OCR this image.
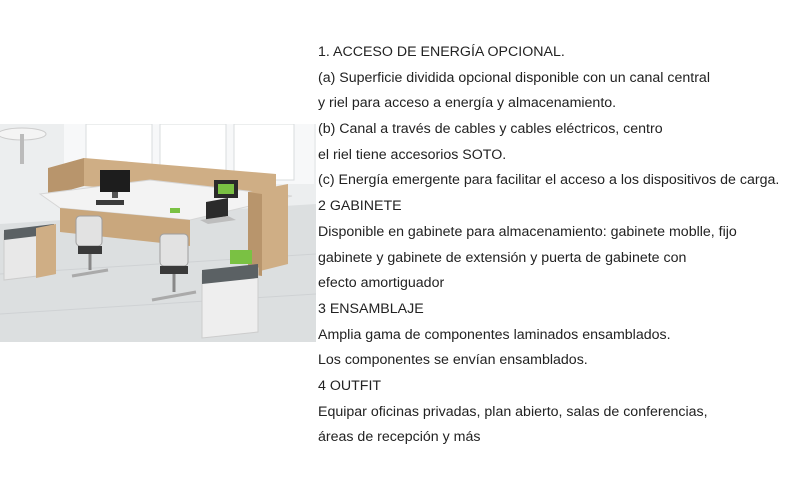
1. ACCESO DE ENERGÍA OPCIONAL.
(a) Superficie dividida opcional disponible con un canal central
y riel para acceso a energía y almacenamiento.
(b) Canal a través de cables y cables eléctricos, centro
el riel tiene accesorios SOTO.
(c) Energía emergente para facilitar el acceso a los dispositivos de carga.
2 GABINETE
Disponible en gabinete para almacenamiento: gabinete moblle, fijo
gabinete y gabinete de extensión y puerta de gabinete con
efecto amortiguador
3 ENSAMBLAJE
Amplia gama de componentes laminados ensamblados.
Los componentes se envían ensamblados.
4 OUTFIT
Equipar oficinas privadas, plan abierto, salas de conferencias,
áreas de recepción y más
